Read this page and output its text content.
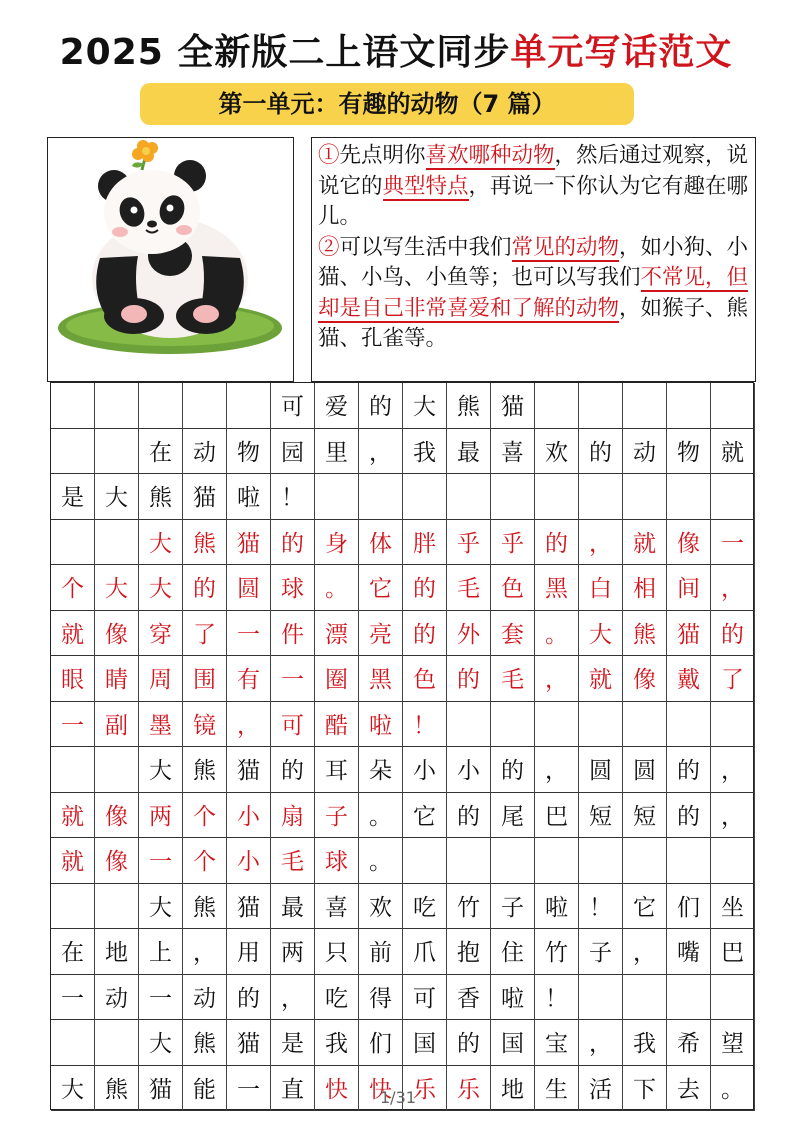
2025 全新版二上语文同步单元写话范文
第一单元：有趣的动物（7 篇）

①先点明你喜欢哪种动物，然后通过观察，说说它的典型特点，再说一下你认为它有趣在哪儿。

②可以写生活中我们常见的动物，如小狗、小猫、小鸟、小鱼等；也可以写我们不常见，但却是自己非常喜爱和了解的动物，如猴子、熊猫、孔雀等。

可 爱 的 大 熊 猫
在 动 物 园 里 ， 我 最 喜 欢 的 动 物 就
是 大 熊 猫 啦 ！
大 熊 猫 的 身 体 胖 乎 乎 的 ， 就 像 一
个 大 大 的 圆 球 。 它 的 毛 色 黑 白 相 间 ，
就 像 穿 了 一 件 漂 亮 的 外 套 。 大 熊 猫 的
眼 睛 周 围 有 一 圈 黑 色 的 毛 ， 就 像 戴 了
一 副 墨 镜 ， 可 酷 啦 ！
大 熊 猫 的 耳 朵 小 小 的 ， 圆 圆 的 ，
就 像 两 个 小 扇 子 。 它 的 尾 巴 短 短 的 ，
就 像 一 个 小 毛 球 。
大 熊 猫 最 喜 欢 吃 竹 子 啦 ！ 它 们 坐
在 地 上 ， 用 两 只 前 爪 抱 住 竹 子 ， 嘴 巴
一 动 一 动 的 ， 吃 得 可 香 啦 ！
大 熊 猫 是 我 们 国 的 国 宝 ， 我 希 望
大 熊 猫 能 一 直 快 快 乐 乐 地 生 活 下 去 。
1/31
